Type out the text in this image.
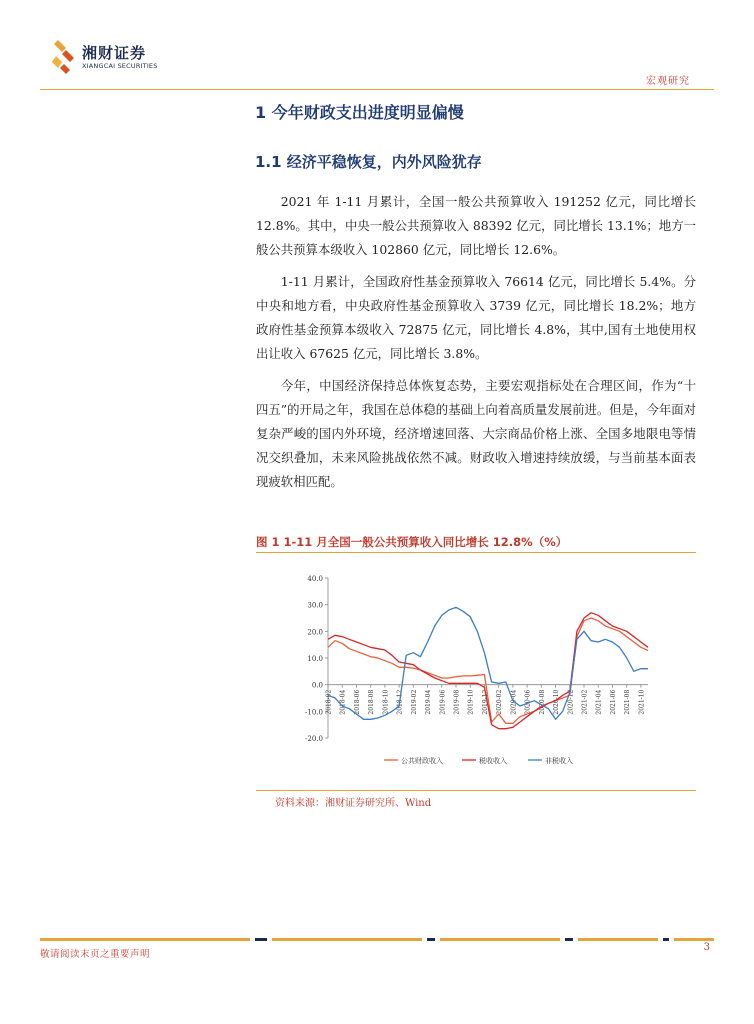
湘财证券
XIANGCAI SECURITIES
宏观研究
1 今年财政支出进度明显偏慢
1.1 经济平稳恢复，内外风险犹存

2021 年 1-11 月累计，全国一般公共预算收入 191252 亿元，同比增长 12.8%。其中，中央一般公共预算收入 88392 亿元，同比增长 13.1%；地方一般公共预算本级收入 102860 亿元，同比增长 12.6%。

1-11 月累计，全国政府性基金预算收入 76614 亿元，同比增长 5.4%。分中央和地方看，中央政府性基金预算收入 3739 亿元，同比增长 18.2%；地方政府性基金预算本级收入 72875 亿元，同比增长 4.8%，其中,国有土地使用权出让收入 67625 亿元，同比增长 3.8%。

今年，中国经济保持总体恢复态势，主要宏观指标处在合理区间，作为“十四五”的开局之年，我国在总体稳的基础上向着高质量发展前进。但是，今年面对复杂严峻的国内外环境，经济增速回落、大宗商品价格上涨、全国多地限电等情况交织叠加，未来风险挑战依然不减。财政收入增速持续放缓，与当前基本面表现疲软相匹配。

图 1 1-11 月全国一般公共预算收入同比增长 12.8%（%）
40.0
30.0
20.0
10.0
0.0
-10.0
-20.0
2018-02 2018-04 2018-06 2018-08 2018-10 2018-12 2019-02 2019-04 2019-06 2019-08 2019-10 2019-12 2020-02 2020-04 2020-06 2020-08 2020-10 2020-12 2021-02 2021-04 2021-06 2021-08 2021-10
公共财政收入	税收收入	非税收入
资料来源：湘财证券研究所、Wind
敬请阅读末页之重要声明
3
